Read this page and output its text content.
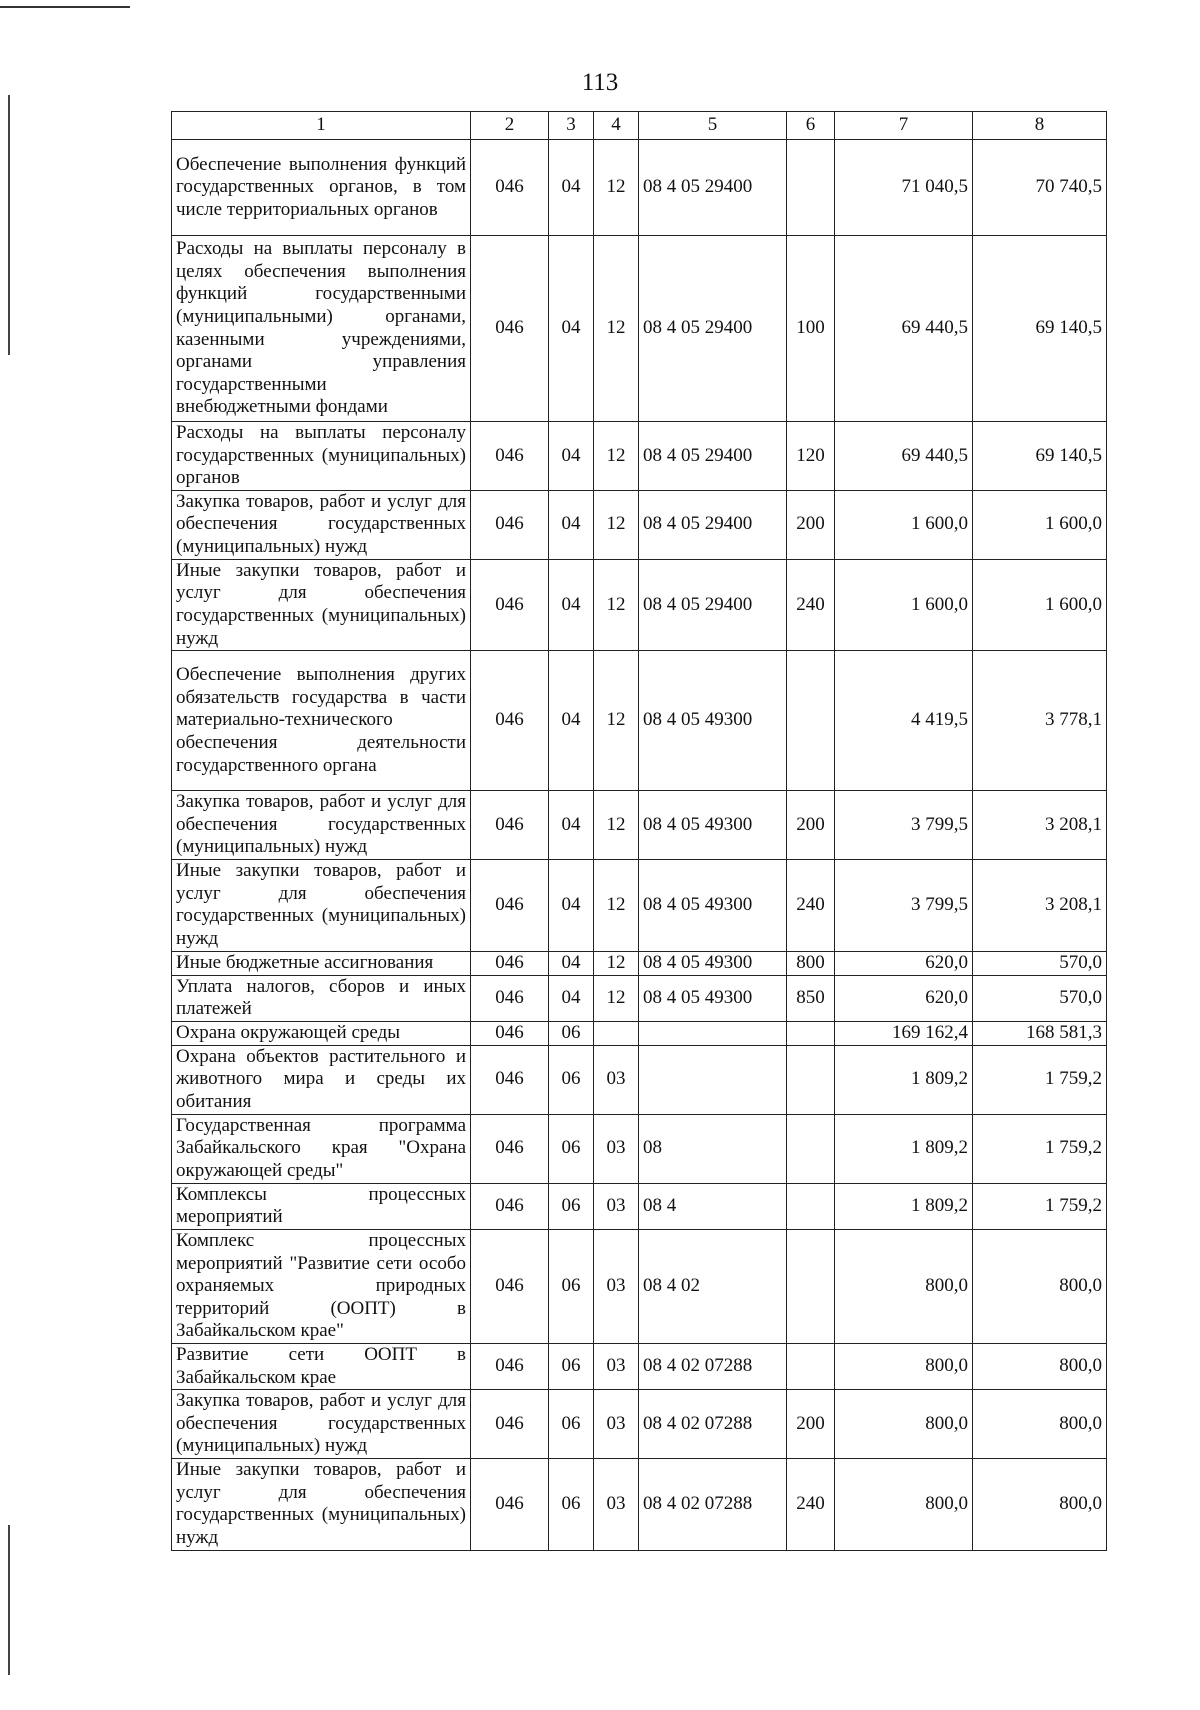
113
1	2	3	4	5	6	7	8
Обеспечение выполнения функций государственных органов, в том числе территориальных органов	046	04	12	08 4 05 29400		71 040,5	70 740,5
Расходы на выплаты персоналу в целях обеспечения выполнения функций государственными (муниципальными) органами, казенными учреждениями, органами управления государственными внебюджетными фондами	046	04	12	08 4 05 29400	100	69 440,5	69 140,5
Расходы на выплаты персоналу государственных (муниципальных) органов	046	04	12	08 4 05 29400	120	69 440,5	69 140,5
Закупка товаров, работ и услуг для обеспечения государственных (муниципальных) нужд	046	04	12	08 4 05 29400	200	1 600,0	1 600,0
Иные закупки товаров, работ и услуг для обеспечения государственных (муниципальных) нужд	046	04	12	08 4 05 29400	240	1 600,0	1 600,0
Обеспечение выполнения других обязательств государства в части материально-технического обеспечения деятельности государственного органа	046	04	12	08 4 05 49300		4 419,5	3 778,1
Закупка товаров, работ и услуг для обеспечения государственных (муниципальных) нужд	046	04	12	08 4 05 49300	200	3 799,5	3 208,1
Иные закупки товаров, работ и услуг для обеспечения государственных (муниципальных) нужд	046	04	12	08 4 05 49300	240	3 799,5	3 208,1
Иные бюджетные ассигнования	046	04	12	08 4 05 49300	800	620,0	570,0
Уплата налогов, сборов и иных платежей	046	04	12	08 4 05 49300	850	620,0	570,0
Охрана окружающей среды	046	06				169 162,4	168 581,3
Охрана объектов растительного и животного мира и среды их обитания	046	06	03			1 809,2	1 759,2
Государственная программа Забайкальского края "Охрана окружающей среды"	046	06	03	08		1 809,2	1 759,2
Комплексы процессных мероприятий	046	06	03	08 4		1 809,2	1 759,2
Комплекс процессных мероприятий "Развитие сети особо охраняемых природных территорий (ООПТ) в Забайкальском крае"	046	06	03	08 4 02		800,0	800,0
Развитие сети ООПТ в Забайкальском крае	046	06	03	08 4 02 07288		800,0	800,0
Закупка товаров, работ и услуг для обеспечения государственных (муниципальных) нужд	046	06	03	08 4 02 07288	200	800,0	800,0
Иные закупки товаров, работ и услуг для обеспечения государственных (муниципальных) нужд	046	06	03	08 4 02 07288	240	800,0	800,0
